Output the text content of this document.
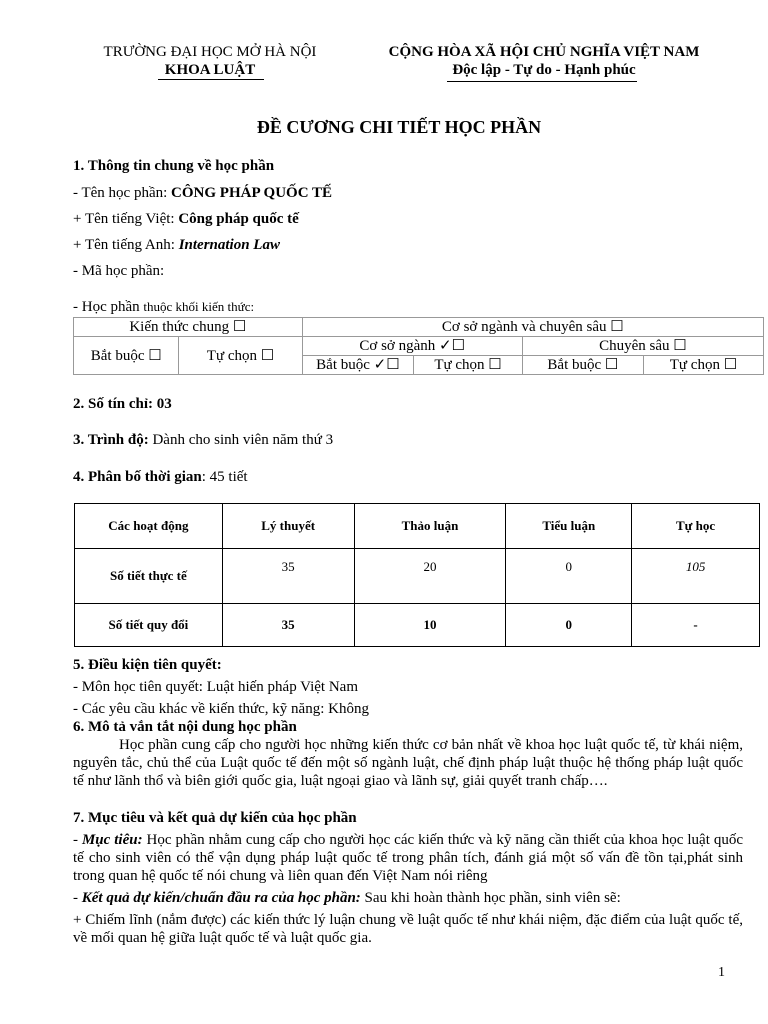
TRƯỜNG ĐẠI HỌC MỞ HÀ NỘI
KHOA LUẬT
CỘNG HÒA XÃ HỘI CHỦ NGHĨA VIỆT NAM
Độc lập - Tự do - Hạnh phúc
ĐỀ CƯƠNG CHI TIẾT HỌC PHẦN
1. Thông tin chung về học phần
- Tên học phần: CÔNG PHÁP QUỐC TẾ
+ Tên tiếng Việt: Công pháp quốc tế
+ Tên tiếng Anh: Internation Law
- Mã học phần:
- Học phần thuộc khối kiến thức:
Kiến thức chung ☐		Cơ sở ngành và chuyên sâu ☐			
Bắt buộc ☐	Tự chọn ☐	Cơ sở ngành ✓☐		Chuyên sâu ☐	
		Bắt buộc ✓☐	Tự chọn ☐	Bắt buộc ☐	Tự chọn ☐
2. Số tín chỉ: 03
3. Trình độ: Dành cho sinh viên năm thứ 3
4. Phân bố thời gian: 45 tiết
Các hoạt động	Lý thuyết	Thảo luận	Tiểu luận	Tự học
Số tiết thực tế	35	20	0	105
Số tiết quy đổi	35	10	0	-
5. Điều kiện tiên quyết:
- Môn học tiên quyết: Luật hiến pháp Việt Nam
- Các yêu cầu khác về kiến thức, kỹ năng: Không
6. Mô tả vắn tắt nội dung học phần
Học phần cung cấp cho người học những kiến thức cơ bản nhất về khoa học luật quốc tế, từ khái niệm, nguyên tắc, chủ thể của Luật quốc tế đến một số ngành luật, chế định pháp luật thuộc hệ thống pháp luật quốc tế như lãnh thổ và biên giới quốc gia, luật ngoại giao và lãnh sự, giải quyết tranh chấp….
7. Mục tiêu và kết quả dự kiến của học phần
- Mục tiêu: Học phần nhằm cung cấp cho người học các kiến thức và kỹ năng cần thiết của khoa học luật quốc tế cho sinh viên có thể vận dụng pháp luật quốc tế trong phân tích, đánh giá một số vấn đề tồn tại,phát sinh trong quan hệ quốc tế nói chung và liên quan đến Việt Nam nói riêng
- Kết quả dự kiến/chuẩn đầu ra của học phần: Sau khi hoàn thành học phần, sinh viên sẽ:
+ Chiếm lĩnh (nắm được) các kiến thức lý luận chung về luật quốc tế như khái niệm, đặc điểm của luật quốc tế, về mối quan hệ giữa luật quốc tế và luật quốc gia.
1
